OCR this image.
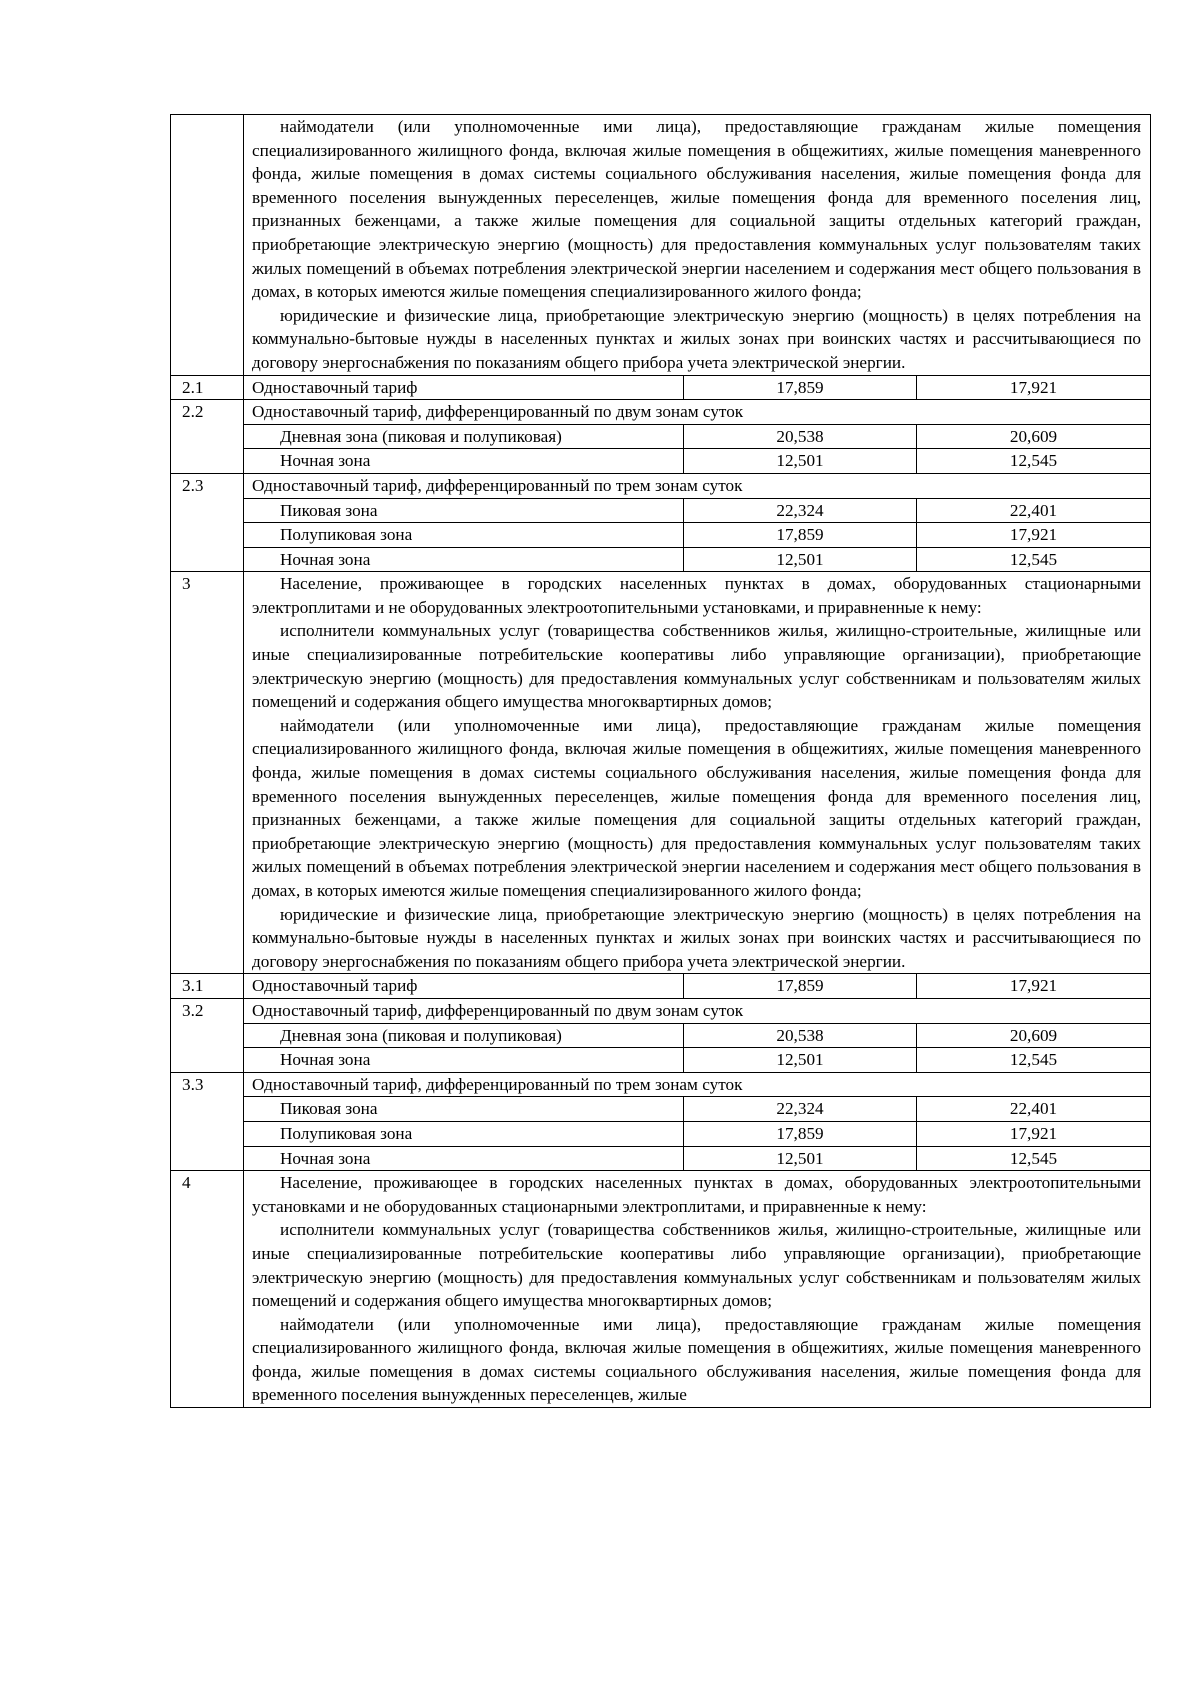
	наймодатели (или уполномоченные ими лица), предоставляющие гражданам жилые помещения специализированного жилищного фонда, включая жилые помещения в общежитиях, жилые помещения маневренного фонда, жилые помещения в домах системы социального обслуживания населения, жилые помещения фонда для временного поселения вынужденных переселенцев, жилые помещения фонда для временного поселения лиц, признанных беженцами, а также жилые помещения для социальной защиты отдельных категорий граждан, приобретающие электрическую энергию (мощность) для предоставления коммунальных услуг пользователям таких жилых помещений в объемах потребления электрической энергии населением и содержания мест общего пользования в домах, в которых имеются жилые помещения специализированного жилого фонда;

юридические и физические лица, приобретающие электрическую энергию (мощность) в целях потребления на коммунально-бытовые нужды в населенных пунктах и жилых зонах при воинских частях и рассчитывающиеся по договору энергоснабжения по показаниям общего прибора учета электрической энергии.		

2.1	Одноставочный тариф	17,859	17,921
2.2	Одноставочный тариф, дифференцированный по двум зонам суток		
	Дневная зона (пиковая и полупиковая)	20,538	20,609
	Ночная зона	12,501	12,545
2.3	Одноставочный тариф, дифференцированный по трем зонам суток		
	Пиковая зона	22,324	22,401
	Полупиковая зона	17,859	17,921
	Ночная зона	12,501	12,545
3	Население, проживающее в городских населенных пунктах в домах, оборудованных стационарными электроплитами и не оборудованных электроотопительными установками, и приравненные к нему:

исполнители коммунальных услуг (товарищества собственников жилья, жилищно-строительные, жилищные или иные специализированные потребительские кооперативы либо управляющие организации), приобретающие электрическую энергию (мощность) для предоставления коммунальных услуг собственникам и пользователям жилых помещений и содержания общего имущества многоквартирных домов;

наймодатели (или уполномоченные ими лица), предоставляющие гражданам жилые помещения специализированного жилищного фонда, включая жилые помещения в общежитиях, жилые помещения маневренного фонда, жилые помещения в домах системы социального обслуживания населения, жилые помещения фонда для временного поселения вынужденных переселенцев, жилые помещения фонда для временного поселения лиц, признанных беженцами, а также жилые помещения для социальной защиты отдельных категорий граждан, приобретающие электрическую энергию (мощность) для предоставления коммунальных услуг пользователям таких жилых помещений в объемах потребления электрической энергии населением и содержания мест общего пользования в домах, в которых имеются жилые помещения специализированного жилого фонда;

юридические и физические лица, приобретающие электрическую энергию (мощность) в целях потребления на коммунально-бытовые нужды в населенных пунктах и жилых зонах при воинских частях и рассчитывающиеся по договору энергоснабжения по показаниям общего прибора учета электрической энергии.		

3.1	Одноставочный тариф	17,859	17,921
3.2	Одноставочный тариф, дифференцированный по двум зонам суток		
	Дневная зона (пиковая и полупиковая)	20,538	20,609
	Ночная зона	12,501	12,545
3.3	Одноставочный тариф, дифференцированный по трем зонам суток		
	Пиковая зона	22,324	22,401
	Полупиковая зона	17,859	17,921
	Ночная зона	12,501	12,545
4	Население, проживающее в городских населенных пунктах в домах, оборудованных электроотопительными установками и не оборудованных стационарными электроплитами, и приравненные к нему:

исполнители коммунальных услуг (товарищества собственников жилья, жилищно-строительные, жилищные или иные специализированные потребительские кооперативы либо управляющие организации), приобретающие электрическую энергию (мощность) для предоставления коммунальных услуг собственникам и пользователям жилых помещений и содержания общего имущества многоквартирных домов;

наймодатели (или уполномоченные ими лица), предоставляющие гражданам жилые помещения специализированного жилищного фонда, включая жилые помещения в общежитиях, жилые помещения маневренного фонда, жилые помещения в домах системы социального обслуживания населения, жилые помещения фонда для временного поселения вынужденных переселенцев, жилые		
